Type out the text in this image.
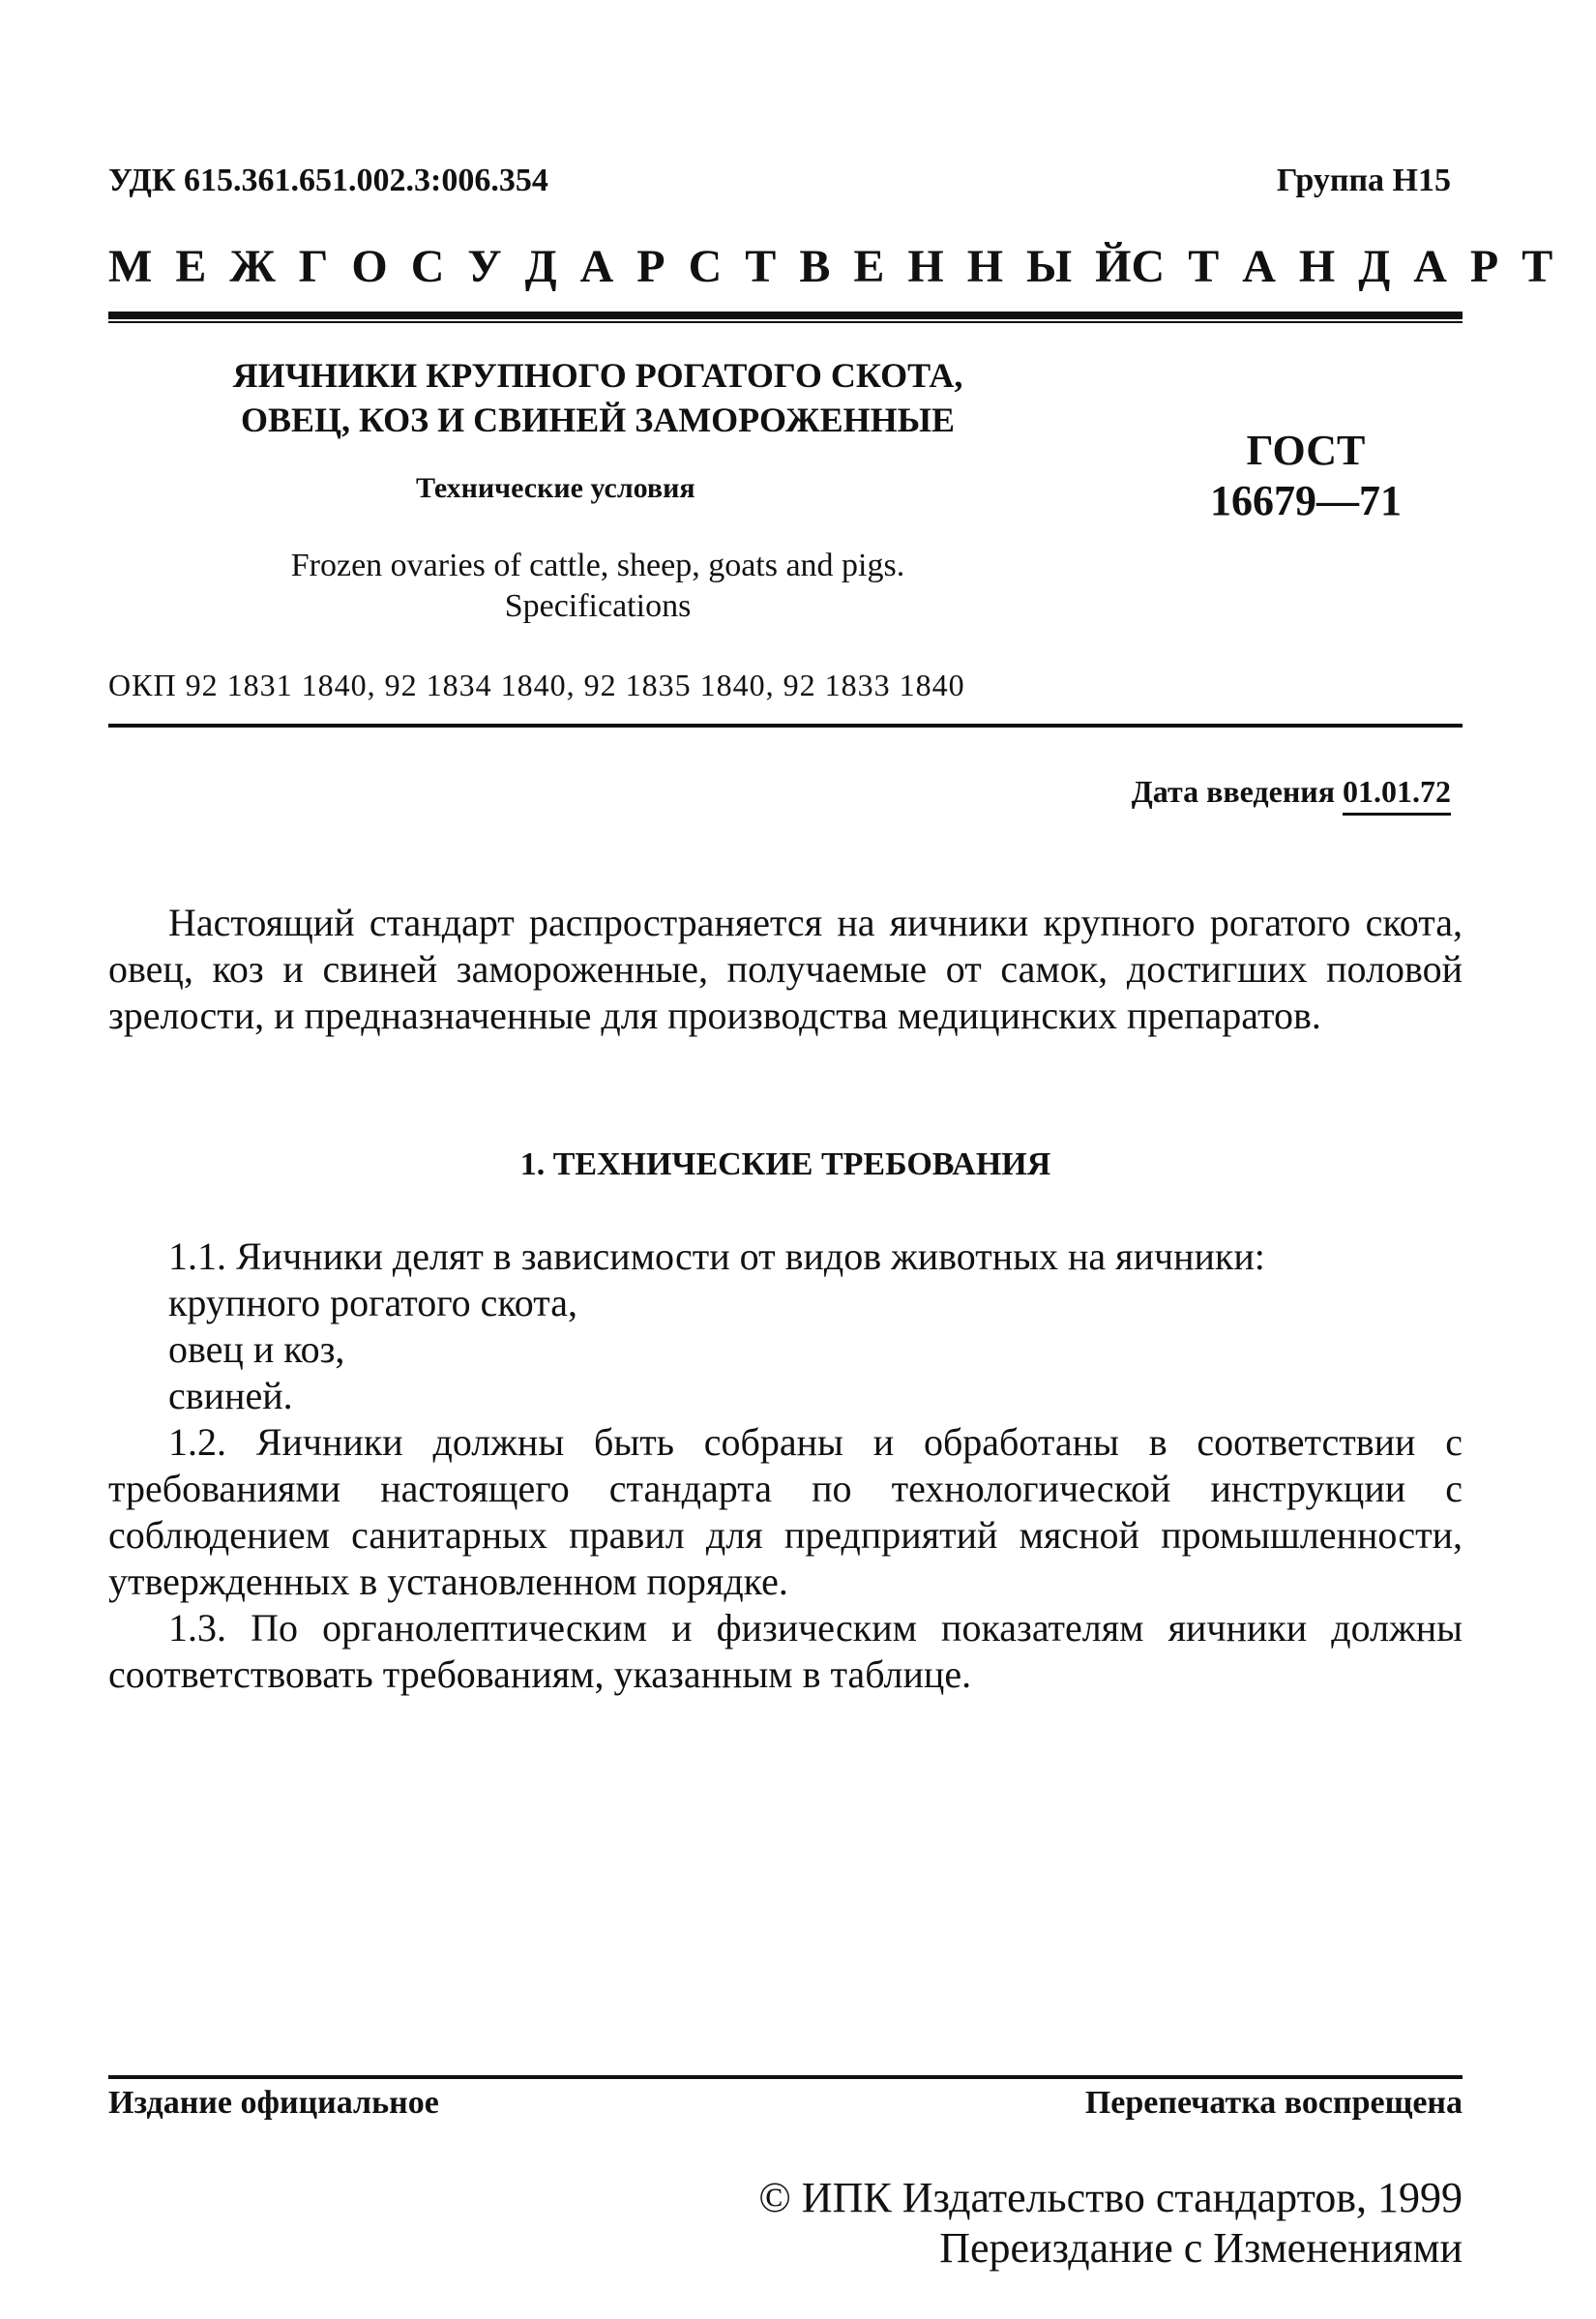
УДК 615.361.651.002.3:006.354	Группа Н15
М Е Ж Г О С У Д А Р С Т В Е Н Н Ы Й С Т А Н Д А Р Т
ЯИЧНИКИ КРУПНОГО РОГАТОГО СКОТА,
ОВЕЦ, КОЗ И СВИНЕЙ ЗАМОРОЖЕННЫЕ
ГОСТ
16679—71
Технические условия
Frozen ovaries of cattle, sheep, goats and pigs.
Specifications
ОКП 92 1831 1840, 92 1834 1840, 92 1835 1840, 92 1833 1840
Дата введения 01.01.72
Настоящий стандарт распространяется на яичники крупного рогатого скота, овец, коз и свиней замороженные, получаемые от самок, достигших половой зрелости, и предназначенные для производства медицинских препаратов.
1. ТЕХНИЧЕСКИЕ ТРЕБОВАНИЯ
1.1. Яичники делят в зависимости от видов животных на яичники:
крупного рогатого скота,
овец и коз,
свиней.
1.2. Яичники должны быть собраны и обработаны в соответствии с требованиями настоящего стандарта по технологической инструкции с соблюдением санитарных правил для предприятий мясной промышленности, утвержденных в установленном порядке.
1.3. По органолептическим и физическим показателям яичники должны соответствовать требованиям, указанным в таблице.
Издание официальное	Перепечатка воспрещена
© ИПК Издательство стандартов, 1999
Переиздание с Изменениями
